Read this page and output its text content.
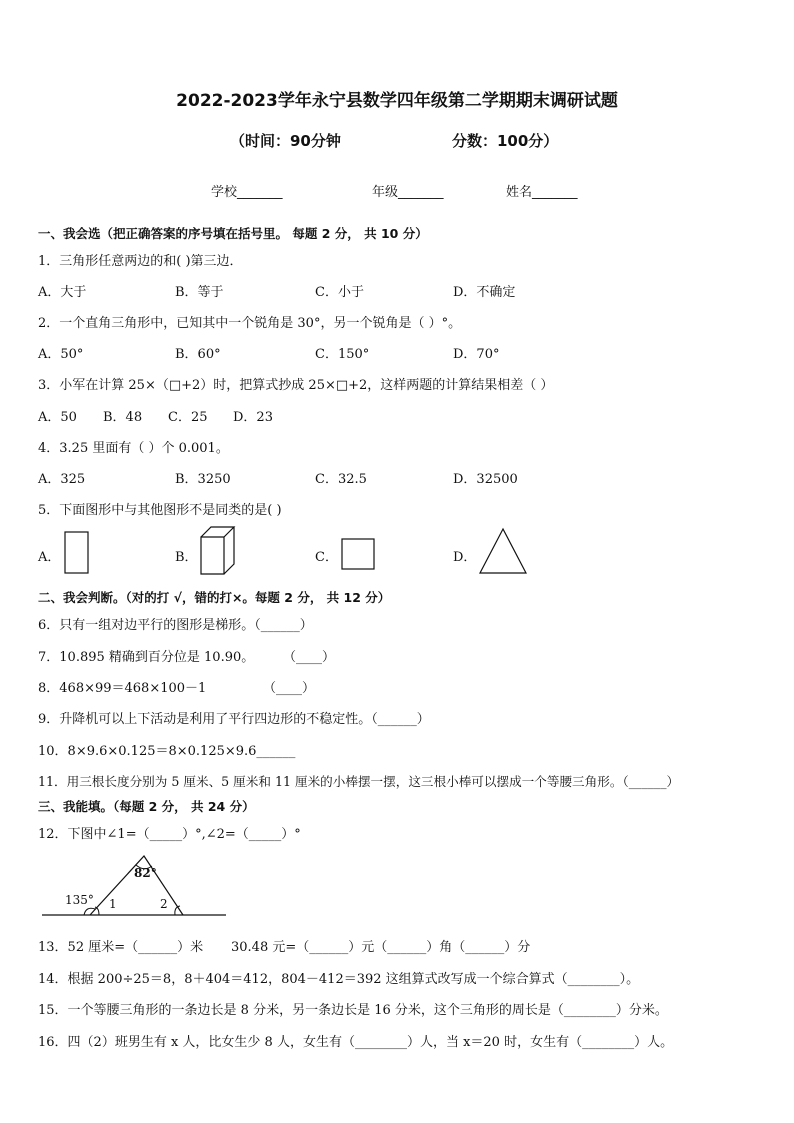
2022-2023学年永宁县数学四年级第二学期期末调研试题
（时间：90分钟	分数：100分）
学校_______	年级_______	姓名_______
一、我会选（把正确答案的序号填在括号里。 每题 2 分， 共 10 分）
1．三角形任意两边的和( )第三边．
A．大于	B．等于	C．小于	D．不确定
2．一个直角三角形中，已知其中一个锐角是 30°，另一个锐角是（ ）°。
A．50°	B．60°	C．150°	D．70°
3．小军在计算 25×（□+2）时，把算式抄成 25×□+2，这样两题的计算结果相差（ ）
A．50 B．48 C．25 D．23
4．3.25 里面有（ ）个 0.001。
A．325	B．3250	C．32.5	D．32500
5．下面图形中与其他图形不是同类的是( )
A．	B．	C．	D．
二、我会判断。（对的打 √，错的打×。每题 2 分， 共 12 分）
6．只有一组对边平行的图形是梯形。（______）
7．10.895 精确到百分位是 10.90。 （____）
8．468×99＝468×100－1	（____）
9．升降机可以上下活动是利用了平行四边形的不稳定性。（______）
10．8×9.6×0.125＝8×0.125×9.6______
11．用三根长度分别为 5 厘米、5 厘米和 11 厘米的小棒摆一摆，这三根小棒可以摆成一个等腰三角形。（______）
三、我能填。（每题 2 分， 共 24 分）
12．下图中∠1=（_____）°,∠2=（_____）°
82°
135° 1	2
13．52 厘米=（______）米 30.48 元=（______）元（______）角（______）分
14．根据 200÷25＝8，8＋404＝412，804－412＝392 这组算式改写成一个综合算式（________）。
15．一个等腰三角形的一条边长是 8 分米，另一条边长是 16 分米，这个三角形的周长是（________）分米。
16．四（2）班男生有 x 人，比女生少 8 人，女生有（________）人，当 x＝20 时，女生有（________）人。
